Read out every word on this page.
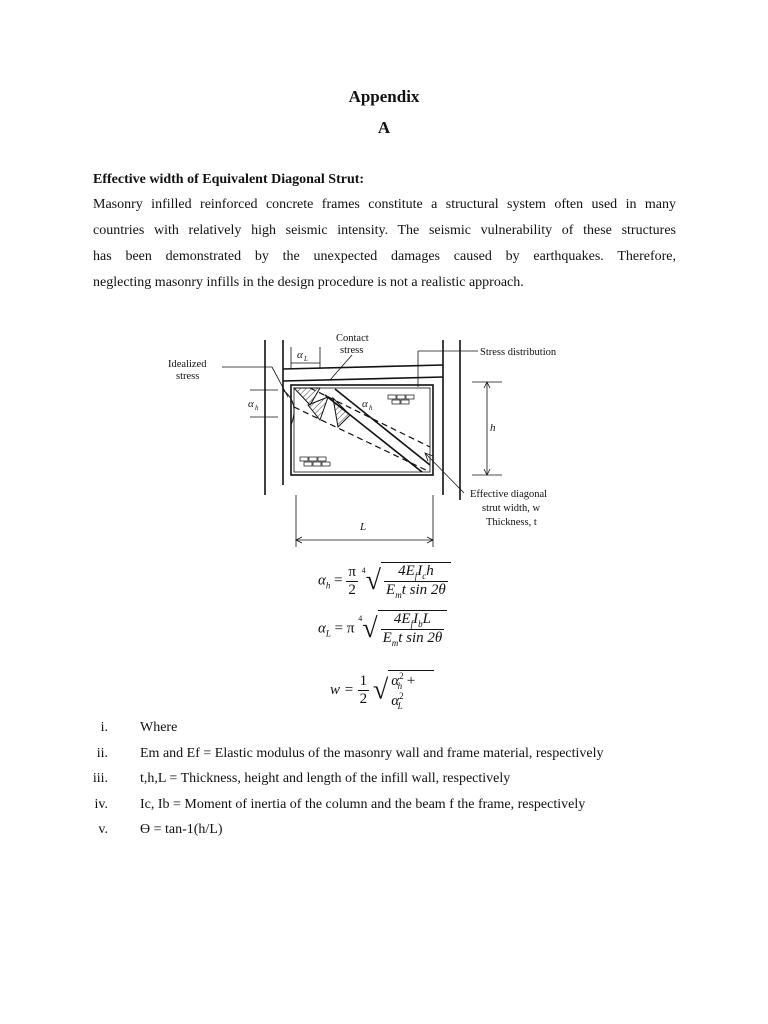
Appendix
A
Effective width of Equivalent Diagonal Strut:
Masonry infilled reinforced concrete frames constitute a structural system often used in many
countries with relatively high seismic intensity. The seismic vulnerability of these structures
has been demonstrated by the unexpected damages caused by earthquakes. Therefore,
neglecting masonry infills in the design procedure is not a realistic approach.
Contact
stress	Stress distribution
Idealized
stress
α L
α h	α h
h
L
Effective diagonal
strut width, w
Thickness, t
$\alpha_h = \frac{\pi}{2} ^4√ \frac{4E_fI_ch}{E_mt \sin 2\theta}$
$\alpha_L = \pi$ $^4√ \frac{4E_fI_bL}{E_mt \sin 2\theta}$
$w = \frac{1}{2}$ √ $\alpha^2_h + \alpha^2_L$
i. Where
ii. Em and Ef = Elastic modulus of the masonry wall and frame material, respectively
iii. t,h,L = Thickness, height and length of the infill wall, respectively
iv. Ic, Ib = Moment of inertia of the column and the beam f the frame, respectively
v. ϴ = tan-1(h/L)
